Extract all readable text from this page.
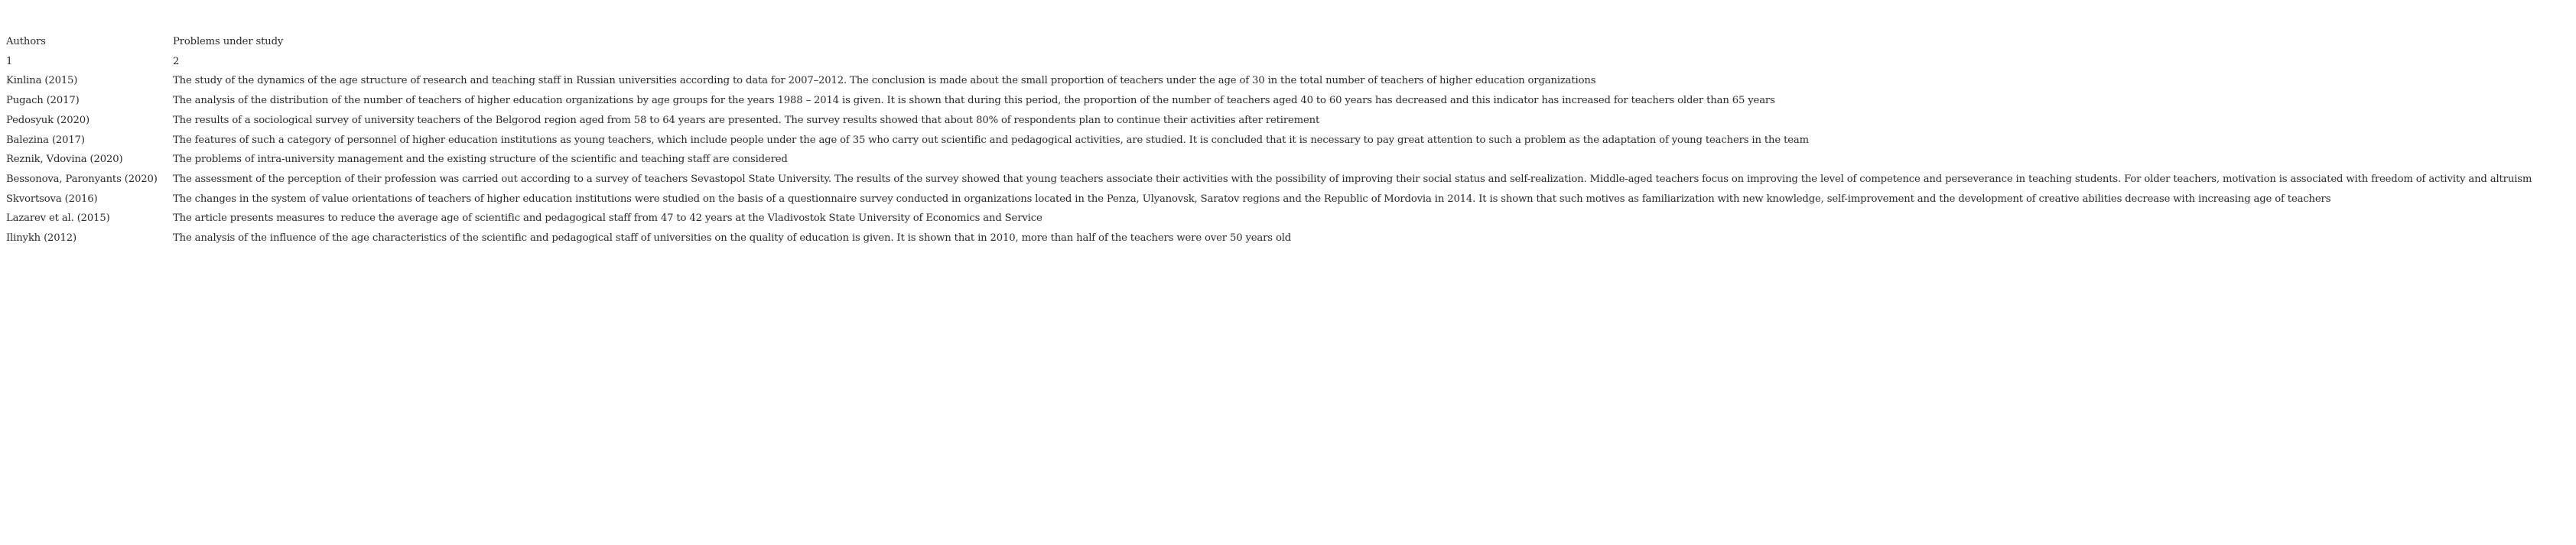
Authors	Problems under study
1	2
Kinlina (2015)	The study of the dynamics of the age structure of research and teaching staff in Russian universities according to data for 2007–2012. The conclusion is made about the small proportion of teachers under the age of 30 in the total number of teachers of higher education organizations
Pugach (2017)	The analysis of the distribution of the number of teachers of higher education organizations by age groups for the years 1988 – 2014 is given. It is shown that during this period, the proportion of the number of teachers aged 40 to 60 years has decreased and this indicator has increased for teachers older than 65 years
Pedosyuk (2020)	The results of a sociological survey of university teachers of the Belgorod region aged from 58 to 64 years are presented. The survey results showed that about 80% of respondents plan to continue their activities after retirement
Balezina (2017)	The features of such a category of personnel of higher education institutions as young teachers, which include people under the age of 35 who carry out scientific and pedagogical activities, are studied. It is concluded that it is necessary to pay great attention to such a problem as the adaptation of young teachers in the team
Reznik, Vdovina (2020)	The problems of intra-university management and the existing structure of the scientific and teaching staff are considered
Bessonova, Paronyants (2020)	The assessment of the perception of their profession was carried out according to a survey of teachers Sevastopol State University. The results of the survey showed that young teachers associate their activities with the possibility of improving their social status and self-realization. Middle-aged teachers focus on improving the level of competence and perseverance in teaching students. For older teachers, motivation is associated with freedom of activity and altruism
Skvortsova (2016)	The changes in the system of value orientations of teachers of higher education institutions were studied on the basis of a questionnaire survey conducted in organizations located in the Penza, Ulyanovsk, Saratov regions and the Republic of Mordovia in 2014. It is shown that such motives as familiarization with new knowledge, self-improvement and the development of creative abilities decrease with increasing age of teachers
Lazarev et al. (2015)	The article presents measures to reduce the average age of scientific and pedagogical staff from 47 to 42 years at the Vladivostok State University of Economics and Service
Ilinykh (2012)	The analysis of the influence of the age characteristics of the scientific and pedagogical staff of universities on the quality of education is given. It is shown that in 2010, more than half of the teachers were over 50 years old
